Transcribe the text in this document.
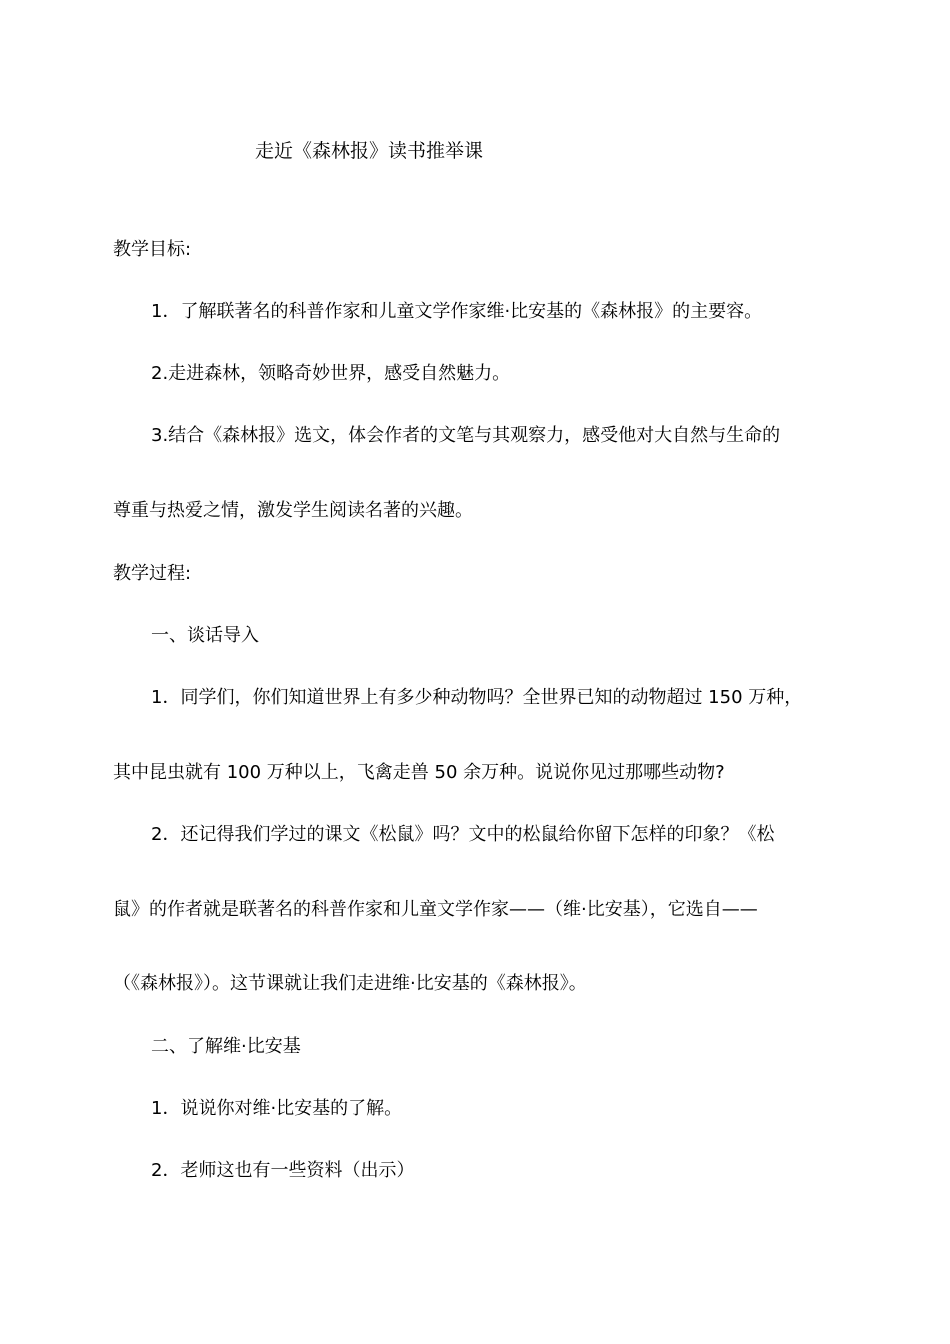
走近《森林报》读书推举课
教学目标:
1．了解联著名的科普作家和儿童文学作家维·比安基的《森林报》的主要容。
2.走进森林，领略奇妙世界，感受自然魅力。
3.结合《森林报》选文，体会作者的文笔与其观察力，感受他对大自然与生命的
尊重与热爱之情，激发学生阅读名著的兴趣。
教学过程:
一、谈话导入
1．同学们，你们知道世界上有多少种动物吗？全世界已知的动物超过 150 万种，
其中昆虫就有 100 万种以上，飞禽走兽 50 余万种。说说你见过那哪些动物?
2．还记得我们学过的课文《松鼠》吗？文中的松鼠给你留下怎样的印象？《松
鼠》的作者就是联著名的科普作家和儿童文学作家——（维·比安基），它选自——
（《森林报》）。这节课就让我们走进维·比安基的《森林报》。
二、了解维·比安基
1．说说你对维·比安基的了解。
2．老师这也有一些资料（出示）
